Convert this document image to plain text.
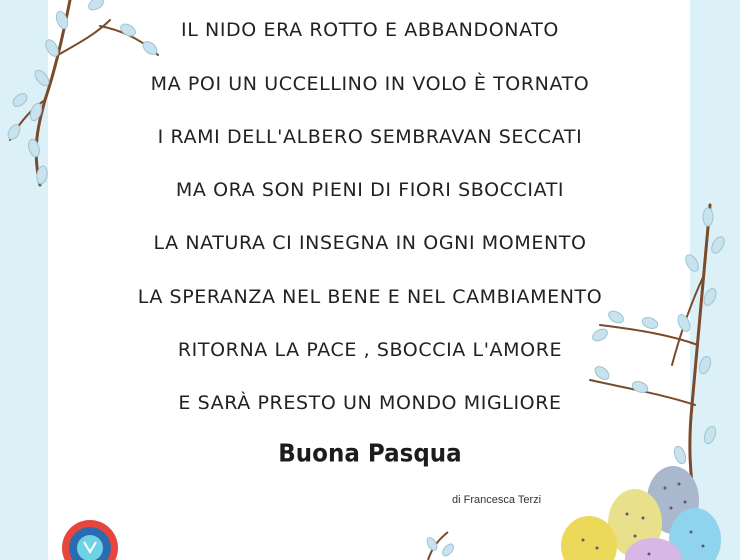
IL NIDO ERA ROTTO E ABBANDONATO
MA POI UN UCCELLINO IN VOLO È TORNATO
I RAMI DELL'ALBERO SEMBRAVAN SECCATI
MA ORA SON PIENI DI FIORI SBOCCIATI
LA NATURA CI INSEGNA IN OGNI MOMENTO
LA SPERANZA NEL BENE E NEL CAMBIAMENTO
RITORNA LA PACE , SBOCCIA L'AMORE
E SARÀ PRESTO UN MONDO MIGLIORE
Buona Pasqua
di Francesca Terzi
